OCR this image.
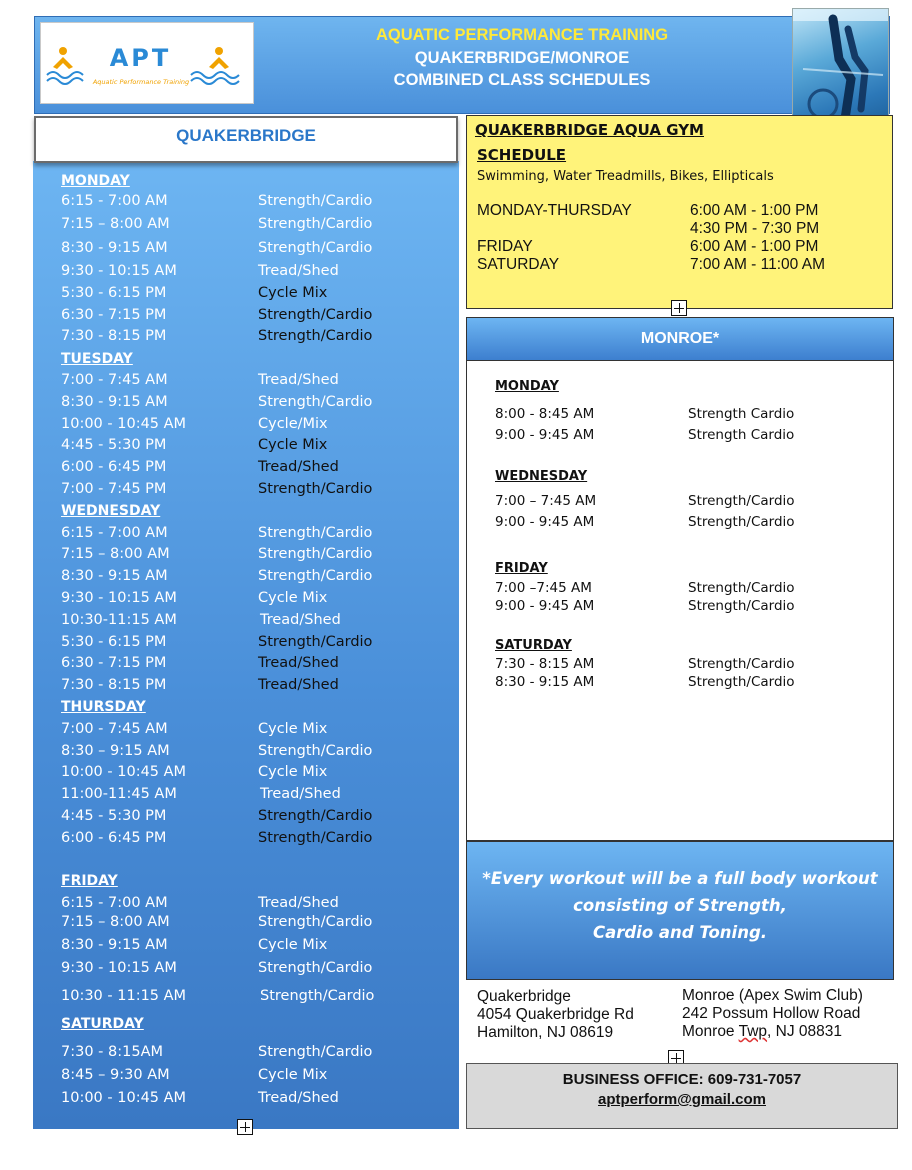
APT
Aquatic Performance Training
AQUATIC PERFORMANCE TRAINING
QUAKERBRIDGE/MONROE
COMBINED CLASS SCHEDULES
QUAKERBRIDGE
MONDAY
6:15 - 7:00 AM	Strength/Cardio
7:15 – 8:00 AM	Strength/Cardio
8:30 - 9:15 AM	Strength/Cardio
9:30 - 10:15 AM	Tread/Shed
5:30 - 6:15 PM	Cycle Mix
6:30 - 7:15 PM	Strength/Cardio
7:30 - 8:15 PM	Strength/Cardio
TUESDAY
7:00 - 7:45 AM	Tread/Shed
8:30 - 9:15 AM	Strength/Cardio
10:00 - 10:45 AM	Cycle/Mix
4:45 - 5:30 PM	Cycle Mix
6:00 - 6:45 PM	Tread/Shed
7:00 - 7:45 PM	Strength/Cardio
WEDNESDAY
6:15 - 7:00 AM	Strength/Cardio
7:15 – 8:00 AM	Strength/Cardio
8:30 - 9:15 AM	Strength/Cardio
9:30 - 10:15 AM	Cycle Mix
10:30-11:15 AM	Tread/Shed
5:30 - 6:15 PM	Strength/Cardio
6:30 - 7:15 PM	Tread/Shed
7:30 - 8:15 PM	Tread/Shed
THURSDAY
7:00 - 7:45 AM	Cycle Mix
8:30 – 9:15 AM	Strength/Cardio
10:00 - 10:45 AM	Cycle Mix
11:00-11:45 AM	Tread/Shed
4:45 - 5:30 PM	Strength/Cardio
6:00 - 6:45 PM	Strength/Cardio
FRIDAY
6:15 - 7:00 AM	Tread/Shed
7:15 – 8:00 AM	Strength/Cardio
8:30 - 9:15 AM	Cycle Mix
9:30 - 10:15 AM	Strength/Cardio
10:30 - 11:15 AM	Strength/Cardio
SATURDAY
7:30 - 8:15AM	Strength/Cardio
8:45 – 9:30 AM	Cycle Mix
10:00 - 10:45 AM	Tread/Shed
QUAKERBRIDGE AQUA GYM
SCHEDULE
Swimming, Water Treadmills, Bikes, Ellipticals
MONDAY-THURSDAY	6:00 AM - 1:00 PM
4:30 PM - 7:30 PM
FRIDAY	6:00 AM - 1:00 PM
SATURDAY	7:00 AM - 11:00 AM
MONROE*
MONDAY
8:00 - 8:45 AM	Strength Cardio
9:00 - 9:45 AM	Strength Cardio
WEDNESDAY
7:00 – 7:45 AM	Strength/Cardio
9:00 - 9:45 AM	Strength/Cardio
FRIDAY
7:00 –7:45 AM	Strength/Cardio
9:00 - 9:45 AM	Strength/Cardio
SATURDAY
7:30 - 8:15 AM	Strength/Cardio
8:30 - 9:15 AM	Strength/Cardio
*Every workout will be a full body workout
consisting of Strength,
Cardio and Toning.
Quakerbridge
4054 Quakerbridge Rd
Hamilton, NJ 08619
Monroe (Apex Swim Club)
242 Possum Hollow Road
Monroe Twp, NJ 08831
BUSINESS OFFICE: 609-731-7057
aptperform@gmail.com
